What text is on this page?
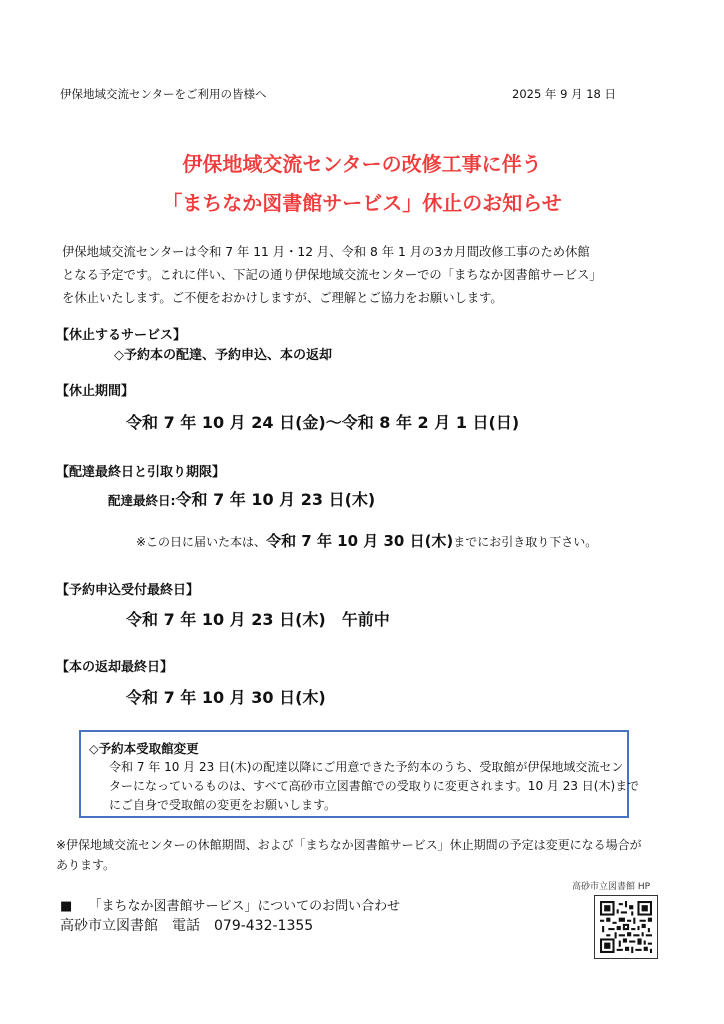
伊保地域交流センターをご利用の皆様へ	2025 年 9 月 18 日
伊保地域交流センターの改修工事に伴う
「まちなか図書館サービス」休止のお知らせ
伊保地域交流センターは令和 7 年 11 月・12 月、令和 8 年 1 月の3カ月間改修工事のため休館
となる予定です。これに伴い、下記の通り伊保地域交流センターでの「まちなか図書館サービス」
を休止いたします。ご不便をおかけしますが、ご理解とご協力をお願いします。
【休止するサービス】
◇予約本の配達、予約申込、本の返却
【休止期間】
令和 7 年 10 月 24 日(金)～令和 8 年 2 月 1 日(日)
【配達最終日と引取り期限】
配達最終日:令和 7 年 10 月 23 日(木)
※この日に届いた本は、令和 7 年 10 月 30 日(木)までにお引き取り下さい。
【予約申込受付最終日】
令和 7 年 10 月 23 日(木)　午前中
【本の返却最終日】
令和 7 年 10 月 30 日(木)
◇予約本受取館変更
令和 7 年 10 月 23 日(木)の配達以降にご用意できた予約本のうち、受取館が伊保地域交流セン
ターになっているものは、すべて高砂市立図書館での受取りに変更されます。10 月 23 日(木)まで
にご自身で受取館の変更をお願いします。
※伊保地域交流センターの休館期間、および「まちなか図書館サービス」休止期間の予定は変更になる場合が
あります。
■ 「まちなか図書館サービス」についてのお問い合わせ
高砂市立図書館　電話　079-432-1355
高砂市立図書館 HP
